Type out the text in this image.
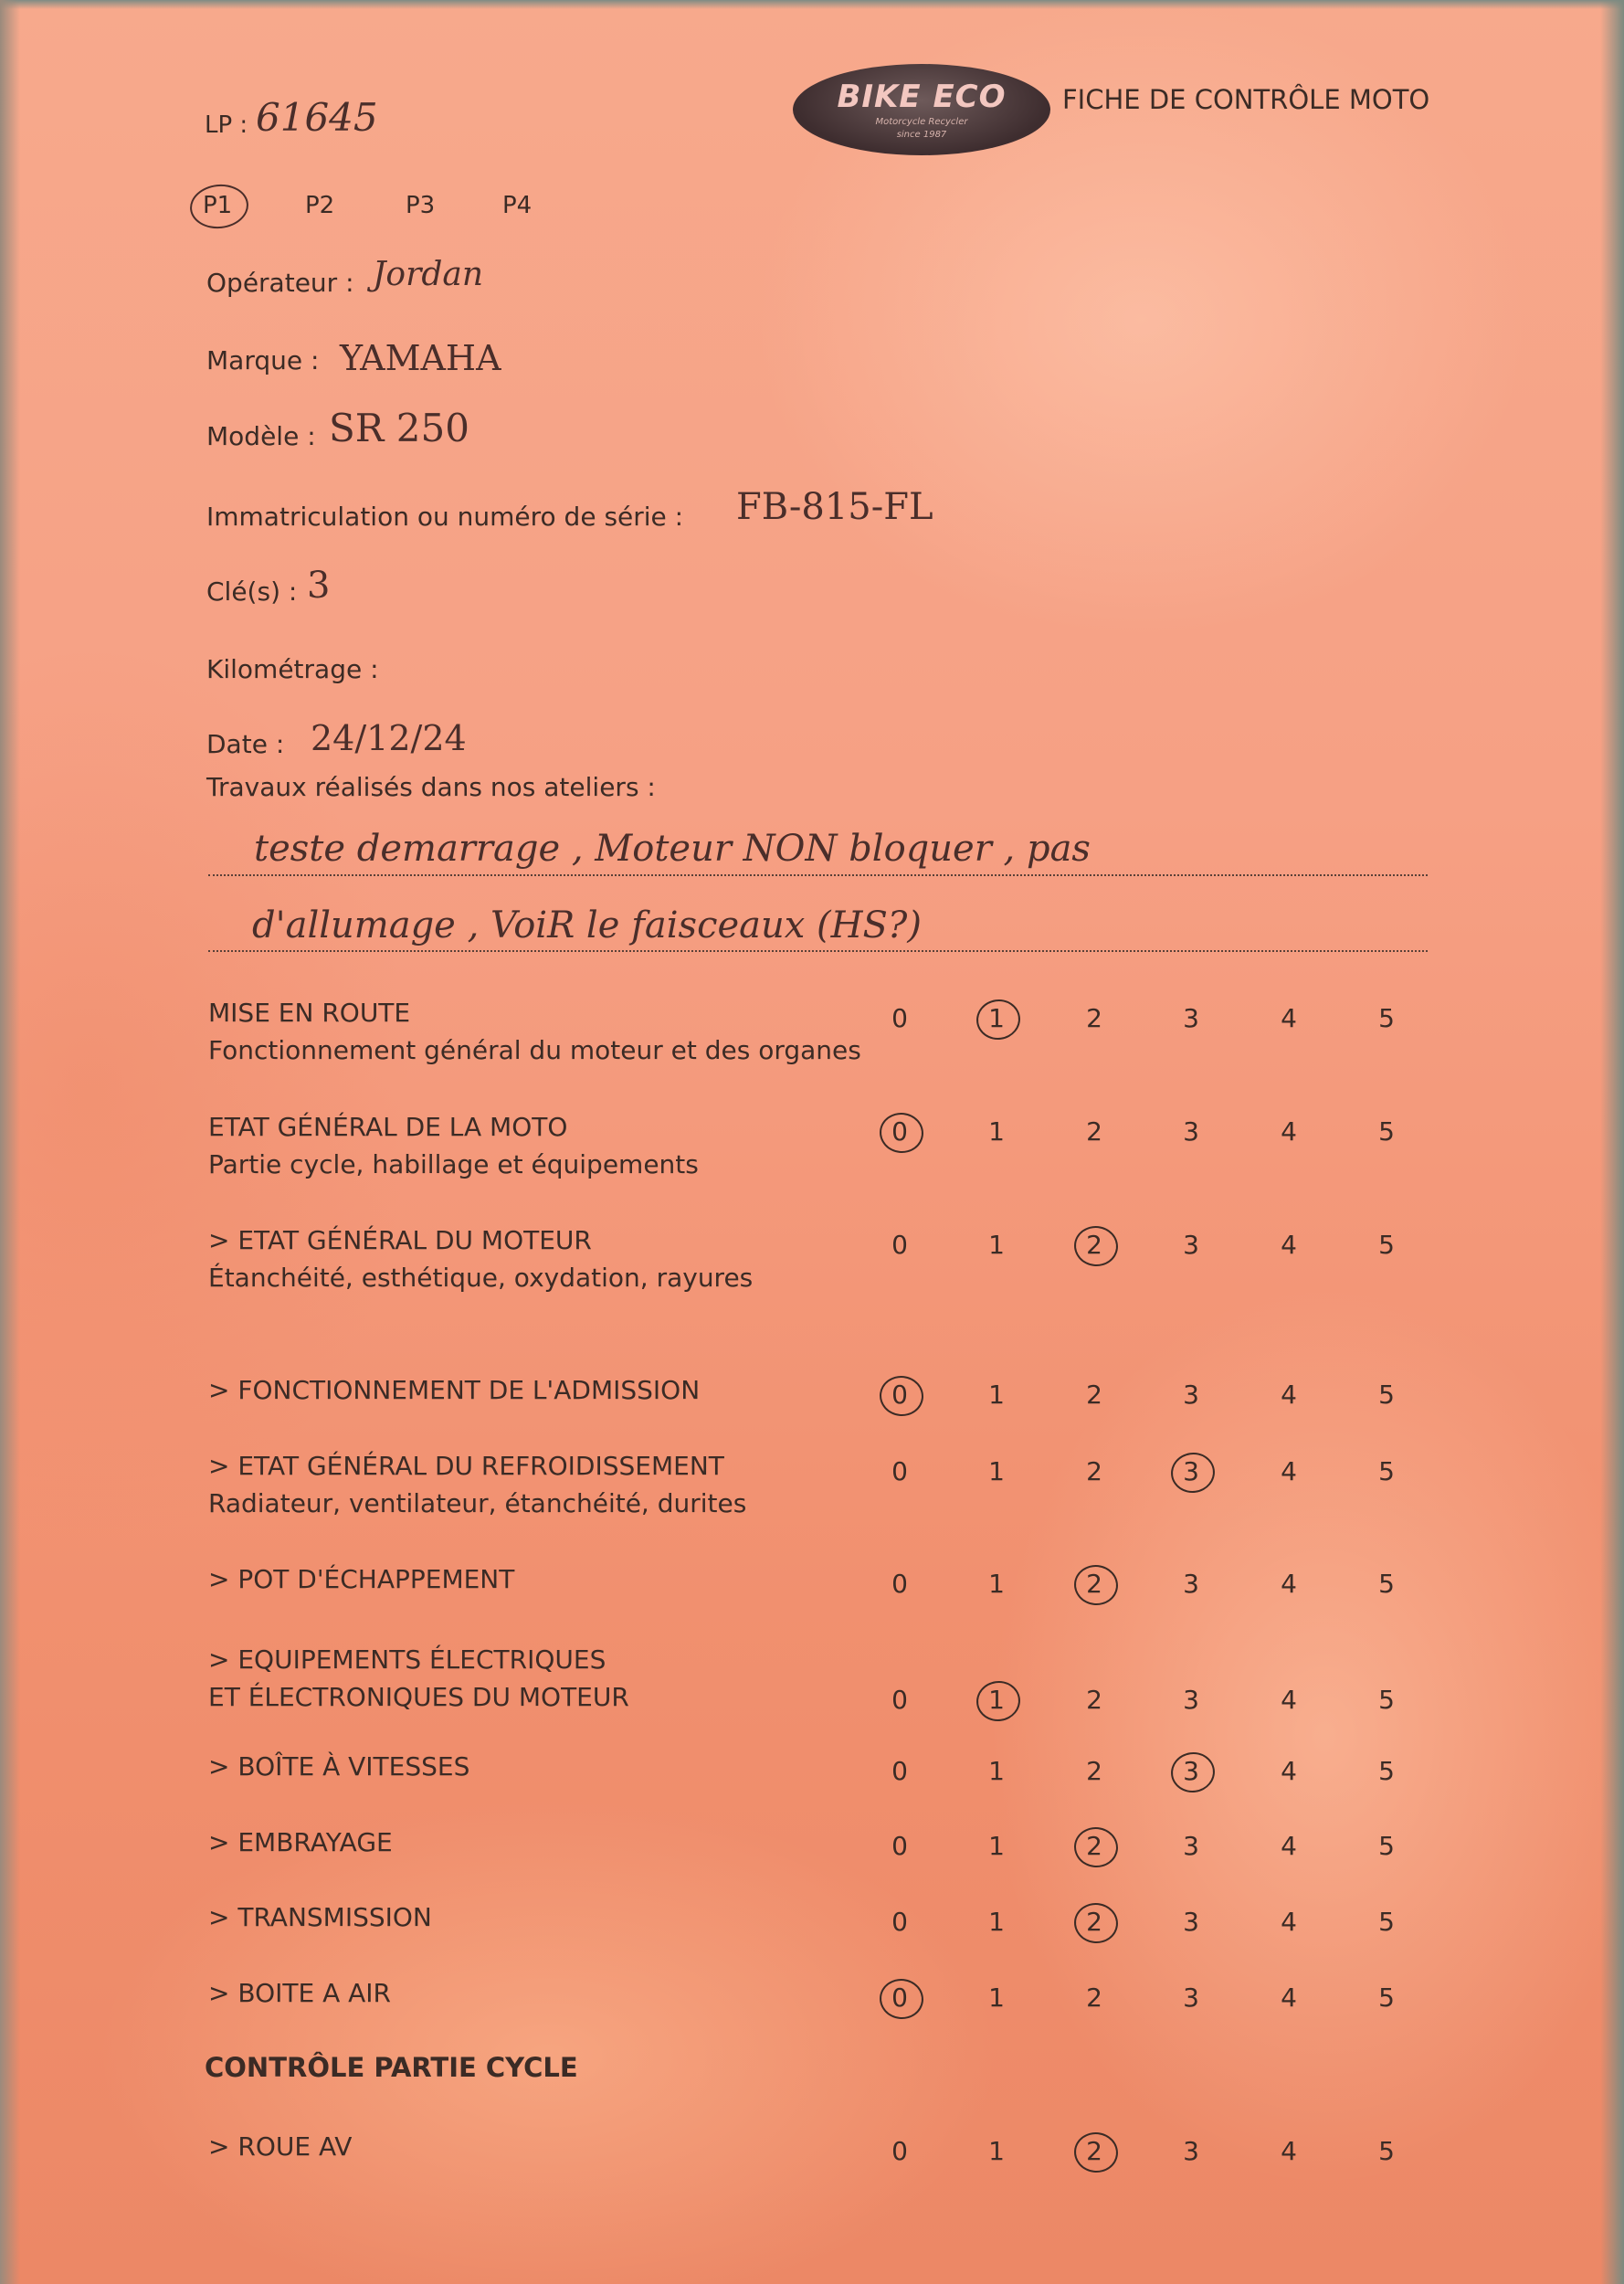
BIKE ECO
Motorcycle Recycler
since 1987
FICHE DE CONTRÔLE MOTO
LP : 61645
P1	P2	P3	P4
Opérateur : Jordan
Marque : YAMAHA
Modèle : SR 250
Immatriculation ou numéro de série : FB-815-FL
Clé(s) : 3
Kilométrage :
Date : 24/12/24
Travaux réalisés dans nos ateliers :
teste demarrage , Moteur NON bloquer , pas
d'allumage , VoiR le faisceaux (HS?)
MISE EN ROUTE
Fonctionnement général du moteur et des organes
0	1	2	3	4	5
ETAT GÉNÉRAL DE LA MOTO
Partie cycle, habillage et équipements
0	1	2	3	4	5
> ETAT GÉNÉRAL DU MOTEUR
Étanchéité, esthétique, oxydation, rayures
0	1	2	3	4	5
> FONCTIONNEMENT DE L'ADMISSION	0	1	2	3	4	5
> ETAT GÉNÉRAL DU REFROIDISSEMENT
Radiateur, ventilateur, étanchéité, durites
0	1	2	3	4	5
> POT D'ÉCHAPPEMENT	0	1	2	3	4	5
> EQUIPEMENTS ÉLECTRIQUES
ET ÉLECTRONIQUES DU MOTEUR	0	1	2	3	4	5
> BOÎTE À VITESSES	0	1	2	3	4	5
> EMBRAYAGE	0	1	2	3	4	5
> TRANSMISSION	0	1	2	3	4	5
> BOITE A AIR	0	1	2	3	4	5
> ROUE AV	0	1	2	3	4	5
CONTRÔLE PARTIE CYCLE
